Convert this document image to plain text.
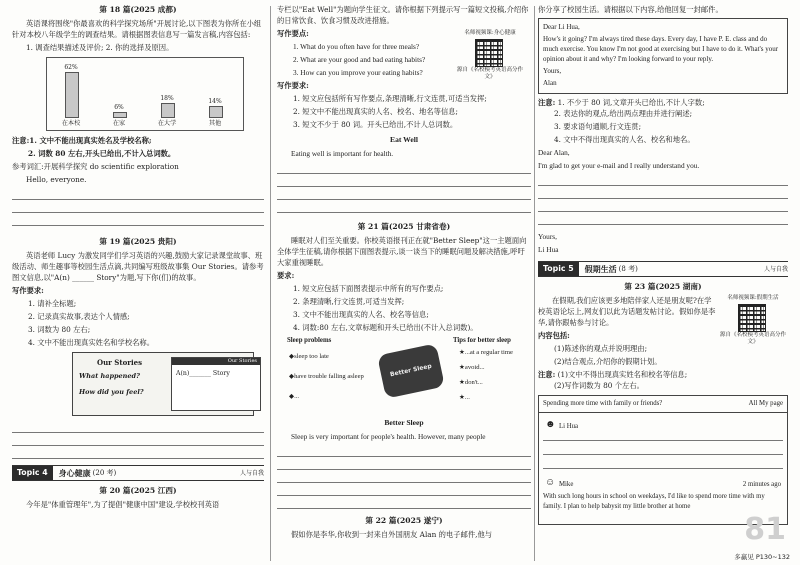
第 18 篇(2025 成都)

英语课将围绕"你最喜欢的科学探究场所"开展讨论,以下图表为你所在小组针对本校八年级学生的调查结果。请根据图表信息写一篇发言稿,内容包括:

1. 调查结果描述及评价; 2. 你的选择及原因。

62%
在本校
6%
在家
18%
在大学
14%
其他

注意:1. 文中不能出现真实姓名及学校名称;

2. 词数 80 左右,开头已给出,不计入总词数。

参考词汇:开展科学探究 do scientific exploration

Hello, everyone.

第 19 篇(2025 贵阳)

英语老师 Lucy 为激发同学们学习英语的兴趣,鼓励大家记录课堂故事、班级活动、师生趣事等校园生活点滴,共同编写班级故事集 Our Stories。请参考图文信息,以"A(n) ______ Story"为题,写下你(们)的故事。

写作要求:

1. 请补全标题;

2. 记录真实故事,表达个人情感;

3. 词数为 80 左右;

4. 文中不能出现真实姓名和学校名称。

Our Stories
What happened?
How did you feel?
Our Stories
A(n)_______ Story
Topic 4	身心健康 (20 考)	人与自我
第 20 篇(2025 江西)

今年是"体重管理年",为了提倡"健康中国"建设,学校校刊英语

专栏以"Eat Well"为题向学生征文。请你根据下列提示写一篇短文投稿,介绍你的日常饮食、饮食习惯及改进措施。

名师视频课:身心健康
源自《名校模考英语高分作文》

写作要点:

1. What do you often have for three meals?

2. What are your good and bad eating habits?

3. How can you improve your eating habits?

写作要求:

1. 短文应包括所有写作要点,条理清晰,行文连贯,可适当发挥;

2. 短文中不能出现真实的人名、校名、地名等信息;

3. 短文不少于 80 词。开头已给出,不计人总词数。

Eat Well

Eating well is important for health.

第 21 篇(2025 甘肃省卷)

睡眠对人们至关重要。你校英语报刊正在就"Better Sleep"这一主题面向全体学生征稿,请你根据下面图表提示,谈一谈当下的睡眠问题及解决措施,呼吁大家重视睡眠。

要求:

1. 短文应包括下面图表提示中所有的写作要点;

2. 条理清晰,行文连贯,可适当发挥;

3. 文中不能出现真实的人名、校名等信息;

4. 词数:80 左右,文章标题和开头已给出(不计入总词数)。

Sleep problems	Tips for better sleep
◆sleep too late
◆have trouble falling asleep
◆...
Better Sleep
★...at a regular time
★avoid...
★don't...
★...
Better Sleep

Sleep is very important for people's health. However, many people

第 22 篇(2025 遂宁)

假如你是李华,你收到一封来自外国朋友 Alan 的电子邮件,他与

你分享了校园生活。请根据以下内容,给他回复一封邮件。

Dear Li Hua,

How's it going? I'm always tired these days. Every day, I have P. E. class and do much exercise. You know I'm not good at exercising but I have to do it. What's your opinion about it and why? I'm looking forward to your reply.

Yours,

Alan

注意: 1. 不少于 80 词,文章开头已给出,不计人字数;

2. 表达你的观点,给出两点理由并进行阐述;

3. 要求语句通顺,行文连贯;

4. 文中不得出现真实的人名、校名和地名。

Dear Alan,

I'm glad to get your e-mail and I really understand you.

Yours,

Li Hua

Topic 5	假期生活 (8 考)	人与自我
第 23 篇(2025 湖南)

在假期,我们应该更多地陪伴家人还是朋友呢?在学校英语论坛上,网友们以此为话题发帖讨论。假如你是李华,请你跟帖参与讨论。

名师视频课:假期生活
源自《名校模考英语高分作文》

内容包括:

(1)陈述你的观点并说明理由;

(2)结合观点,介绍你的假期计划。

注意: (1)文中不得出现真实姓名和校名等信息;

(2)写作词数为 80 个左右。

Spending more time with family or friends?	All My page
☻ Li Hua
☺ Mike	2 minutes ago
With such long hours in school on weekdays, I'd like to spend more time with my family. I plan to help babysit my little brother at home
81
多赢见 P130~132
